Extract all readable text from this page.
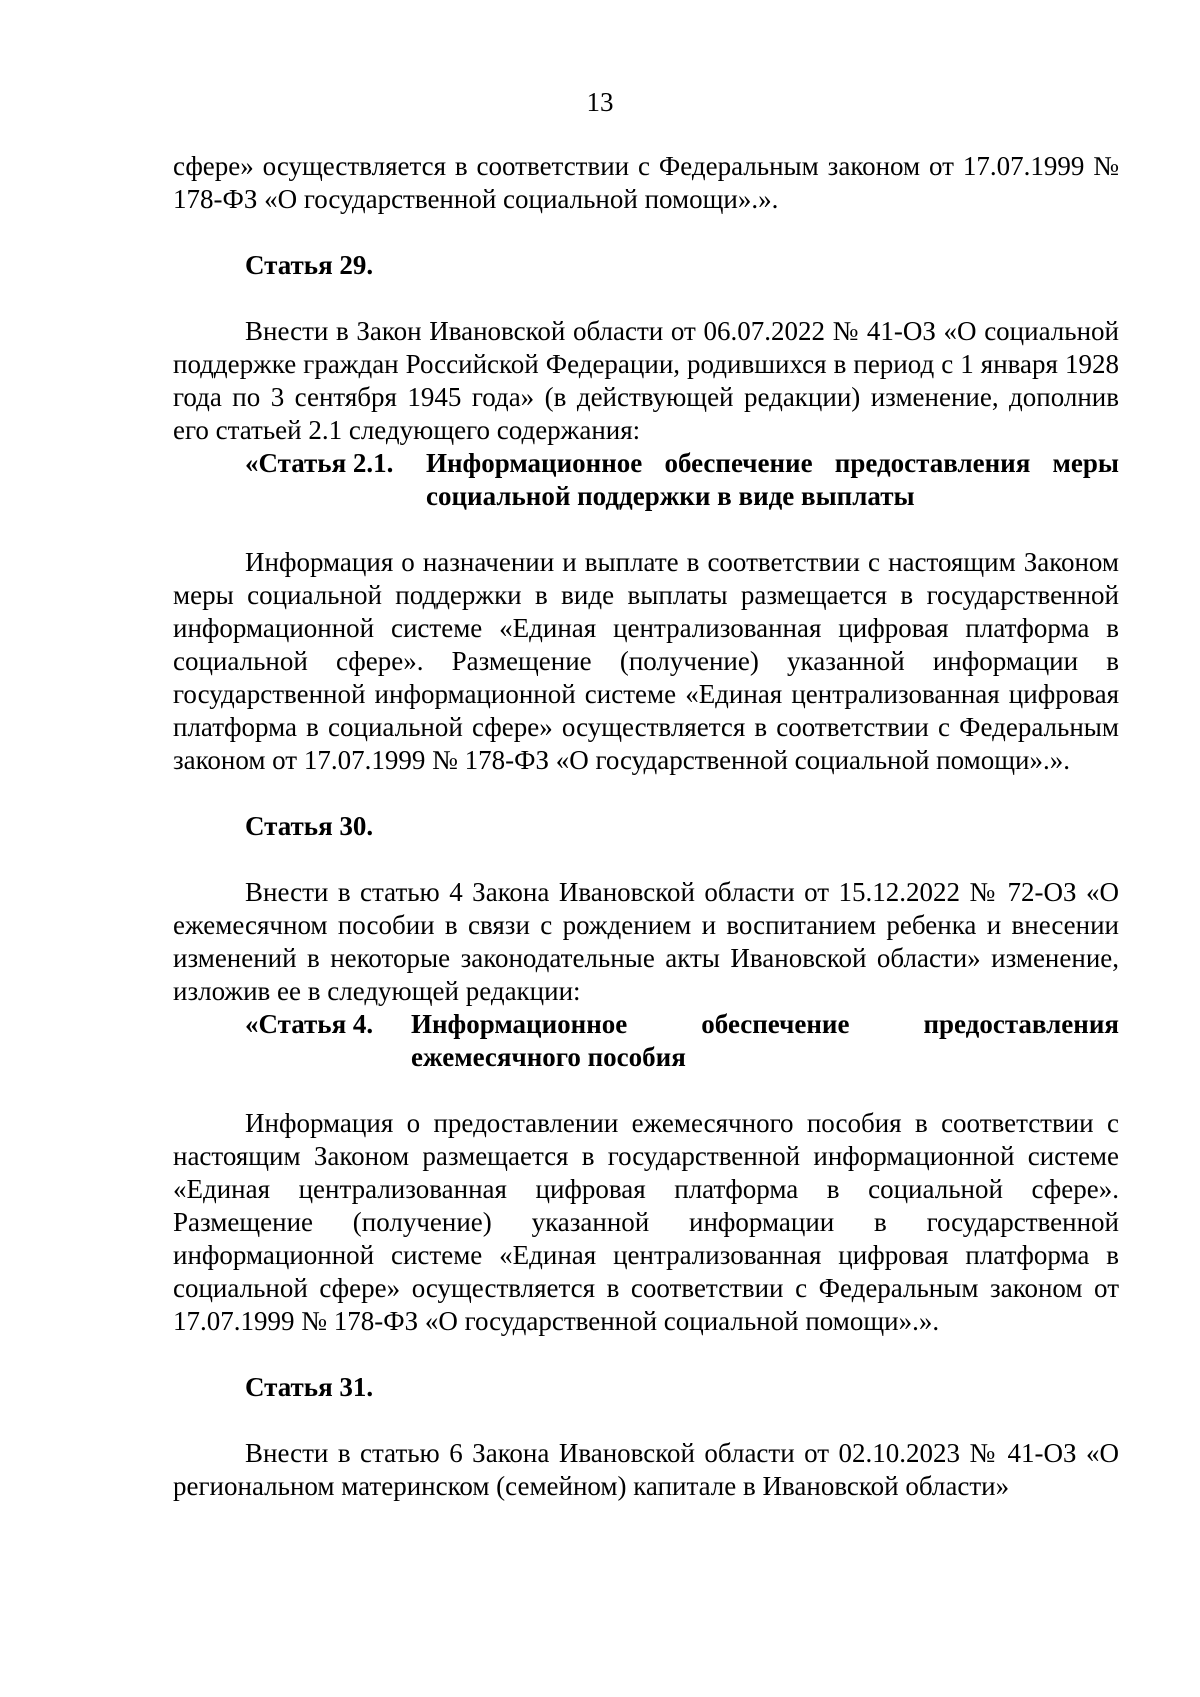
13

сфере» осуществляется в соответствии с Федеральным законом от 17.07.1999 № 178-ФЗ «О государственной социальной помощи».».

Статья 29.

Внести в Закон Ивановской области от 06.07.2022 № 41-ОЗ «О социальной поддержке граждан Российской Федерации, родившихся в период с 1 января 1928 года по 3 сентября 1945 года» (в действующей редакции) изменение, дополнив его статьей 2.1 следующего содержания:

«Статья 2.1.	Информационное обеспечение предоставления меры социальной поддержки в виде выплаты

Информация о назначении и выплате в соответствии с настоящим Законом меры социальной поддержки в виде выплаты размещается в государственной информационной системе «Единая централизованная цифровая платформа в социальной сфере». Размещение (получение) указанной информации в государственной информационной системе «Единая централизованная цифровая платформа в социальной сфере» осуществляется в соответствии с Федеральным законом от 17.07.1999 № 178-ФЗ «О государственной социальной помощи».».

Статья 30.

Внести в статью 4 Закона Ивановской области от 15.12.2022 № 72-ОЗ «О ежемесячном пособии в связи с рождением и воспитанием ребенка и внесении изменений в некоторые законодательные акты Ивановской области» изменение, изложив ее в следующей редакции:

«Статья 4.	Информационное обеспечение предоставления ежемесячного пособия

Информация о предоставлении ежемесячного пособия в соответствии с настоящим Законом размещается в государственной информационной системе «Единая централизованная цифровая платформа в социальной сфере». Размещение (получение) указанной информации в государственной информационной системе «Единая централизованная цифровая платформа в социальной сфере» осуществляется в соответствии с Федеральным законом от 17.07.1999 № 178-ФЗ «О государственной социальной помощи».».

Статья 31.

Внести в статью 6 Закона Ивановской области от 02.10.2023 № 41-ОЗ «О региональном материнском (семейном) капитале в Ивановской области»
